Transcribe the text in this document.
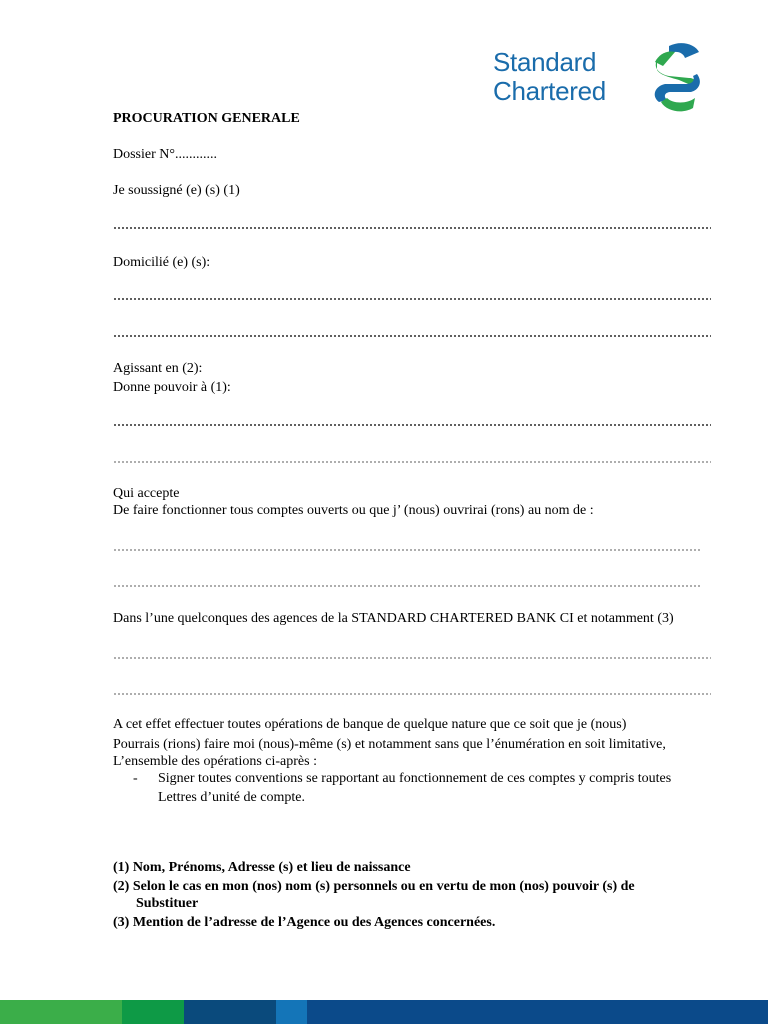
Standard
Chartered
PROCURATION GENERALE
Dossier N°............
Je soussigné (e) (s) (1)
Domicilié (e) (s):
Agissant en (2):
Donne pouvoir à (1):
Qui accepte
De faire fonctionner tous comptes ouverts ou que j’ (nous) ouvrirai (rons) au nom de :
Dans l’une quelconques des agences de la STANDARD CHARTERED BANK CI et notamment (3)
A cet effet effectuer toutes opérations de banque de quelque nature que ce soit que je (nous)
Pourrais (rions) faire moi (nous)-même (s) et notamment sans que l’énumération en soit limitative,
L’ensemble des opérations ci-après :
- Signer toutes conventions se rapportant au fonctionnement de ces comptes y compris toutes
Lettres d’unité de compte.
(1) Nom, Prénoms, Adresse (s) et lieu de naissance
(2) Selon le cas en mon (nos) nom (s) personnels ou en vertu de mon (nos) pouvoir (s) de
Substituer
(3) Mention de l’adresse de l’Agence ou des Agences concernées.
